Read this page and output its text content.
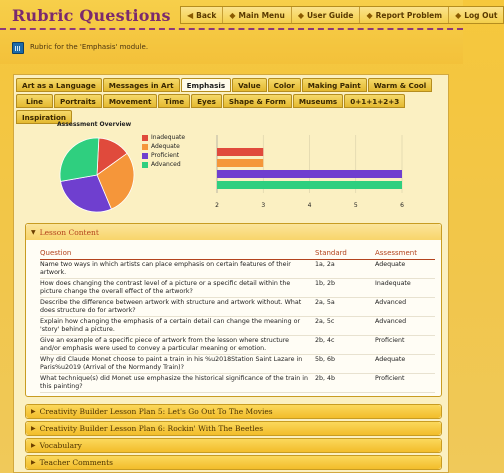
Rubric Questions ◀ Back ◆ Main Menu ◆ User Guide ◆ Report Problem ◆ Log Out
Rubric for the 'Emphasis' module.
Art as a Language	Messages in Art	Emphasis	Value	Color	Making Paint	Warm & Cool
Line	Portraits	Movement	Time	Eyes	Shape & Form	Museums	0+1+1+2+3
Inspiration
Assessment Overview
Inadequate
Adequate
Proficient
Advanced
2	3	4	5	6
▼ Lesson Content
Question	Standard	Assessment
Name two ways in which artists can place emphasis on certain features of their artwork.	1a, 2a	Adequate
How does changing the contrast level of a picture or a specific detail within the picture change the overall effect of the artwork?	1b, 2b	Inadequate
Describe the difference between artwork with structure and artwork without. What does structure do for artwork?	2a, 5a	Advanced
Explain how changing the emphasis of a certain detail can change the meaning or 'story' behind a picture.	2a, 5c	Advanced
Give an example of a specific piece of artwork from the lesson where structure and/or emphasis were used to convey a particular meaning or emotion.	2b, 4c	Proficient
Why did Claude Monet choose to paint a train in his %u2018Station Saint Lazare in Paris%u2019 (Arrival of the Normandy Train)?	5b, 6b	Adequate
What technique(s) did Monet use emphasize the historical significance of the train in this painting?	2b, 4b	Proficient
▶ Creativity Builder Lesson Plan 5: Let's Go Out To The Movies
▶ Creativity Builder Lesson Plan 6: Rockin' With The Beetles
▶ Vocabulary
▶ Teacher Comments
